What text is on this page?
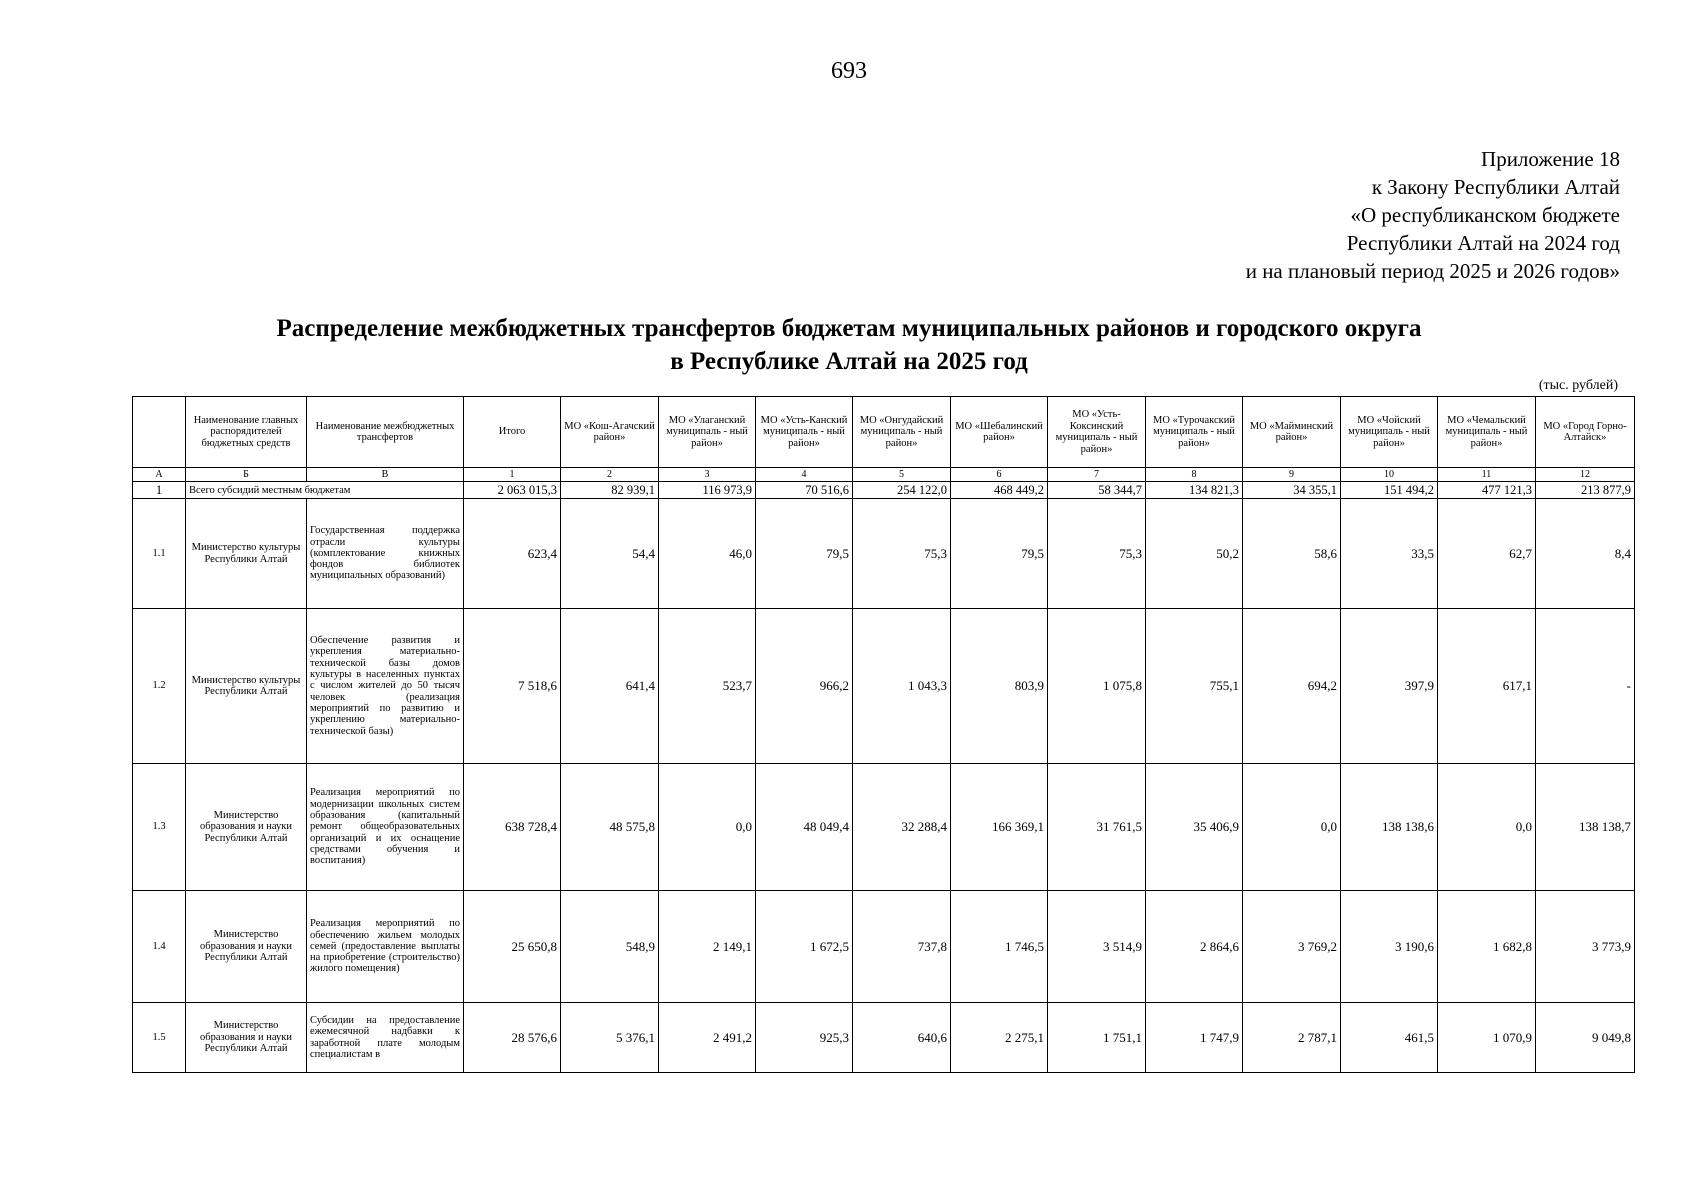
693
Приложение 18
к Закону Республики Алтай
«О республиканском бюджете
Республики Алтай на 2024 год
и на плановый период 2025 и 2026 годов»
Распределение межбюджетных трансфертов бюджетам муниципальных районов и городского округа
в Республике Алтай на 2025 год
(тыс. рублей)
	Наименование главных распорядителей бюджетных средств	Наименование межбюджетных трансфертов	Итого	МО «Кош-Агачский район»	МО «Улаганский муниципаль - ный район»	МО «Усть-Канский муниципаль - ный район»	МО «Онгудайский муниципаль - ный район»	МО «Шебалинский район»	МО «Усть-Коксинский муниципаль - ный район»	МО «Турочакский муниципаль - ный район»	МО «Майминский район»	МО «Чойский муниципаль - ный район»	МО «Чемальский муниципаль - ный район»	МО «Город Горно-Алтайск»
А	Б	В	1	2	3	4	5	6	7	8	9	10	11	12
1	Всего субсидий местным бюджетам		2 063 015,3	82 939,1	116 973,9	70 516,6	254 122,0	468 449,2	58 344,7	134 821,3	34 355,1	151 494,2	477 121,3	213 877,9
1.1	Министерство культуры Республики Алтай	Государственная поддержка отрасли культуры (комплектование книжных фондов библиотек муниципальных образований)	623,4	54,4	46,0	79,5	75,3	79,5	75,3	50,2	58,6	33,5	62,7	8,4
1.2	Министерство культуры Республики Алтай	Обеспечение развития и укрепления материально-технической базы домов культуры в населенных пунктах с числом жителей до 50 тысяч человек (реализация мероприятий по развитию и укреплению материально-технической базы)	7 518,6	641,4	523,7	966,2	1 043,3	803,9	1 075,8	755,1	694,2	397,9	617,1	-
1.3	Министерство образования и науки Республики Алтай	Реализация мероприятий по модернизации школьных систем образования (капитальный ремонт общеобразовательных организаций и их оснащение средствами обучения и воспитания)	638 728,4	48 575,8	0,0	48 049,4	32 288,4	166 369,1	31 761,5	35 406,9	0,0	138 138,6	0,0	138 138,7
1.4	Министерство образования и науки Республики Алтай	Реализация мероприятий по обеспечению жильем молодых семей (предоставление выплаты на приобретение (строительство) жилого помещения)	25 650,8	548,9	2 149,1	1 672,5	737,8	1 746,5	3 514,9	2 864,6	3 769,2	3 190,6	1 682,8	3 773,9
1.5	Министерство образования и науки Республики Алтай	Субсидии на предоставление ежемесячной надбавки к заработной плате молодым специалистам в	28 576,6	5 376,1	2 491,2	925,3	640,6	2 275,1	1 751,1	1 747,9	2 787,1	461,5	1 070,9	9 049,8
